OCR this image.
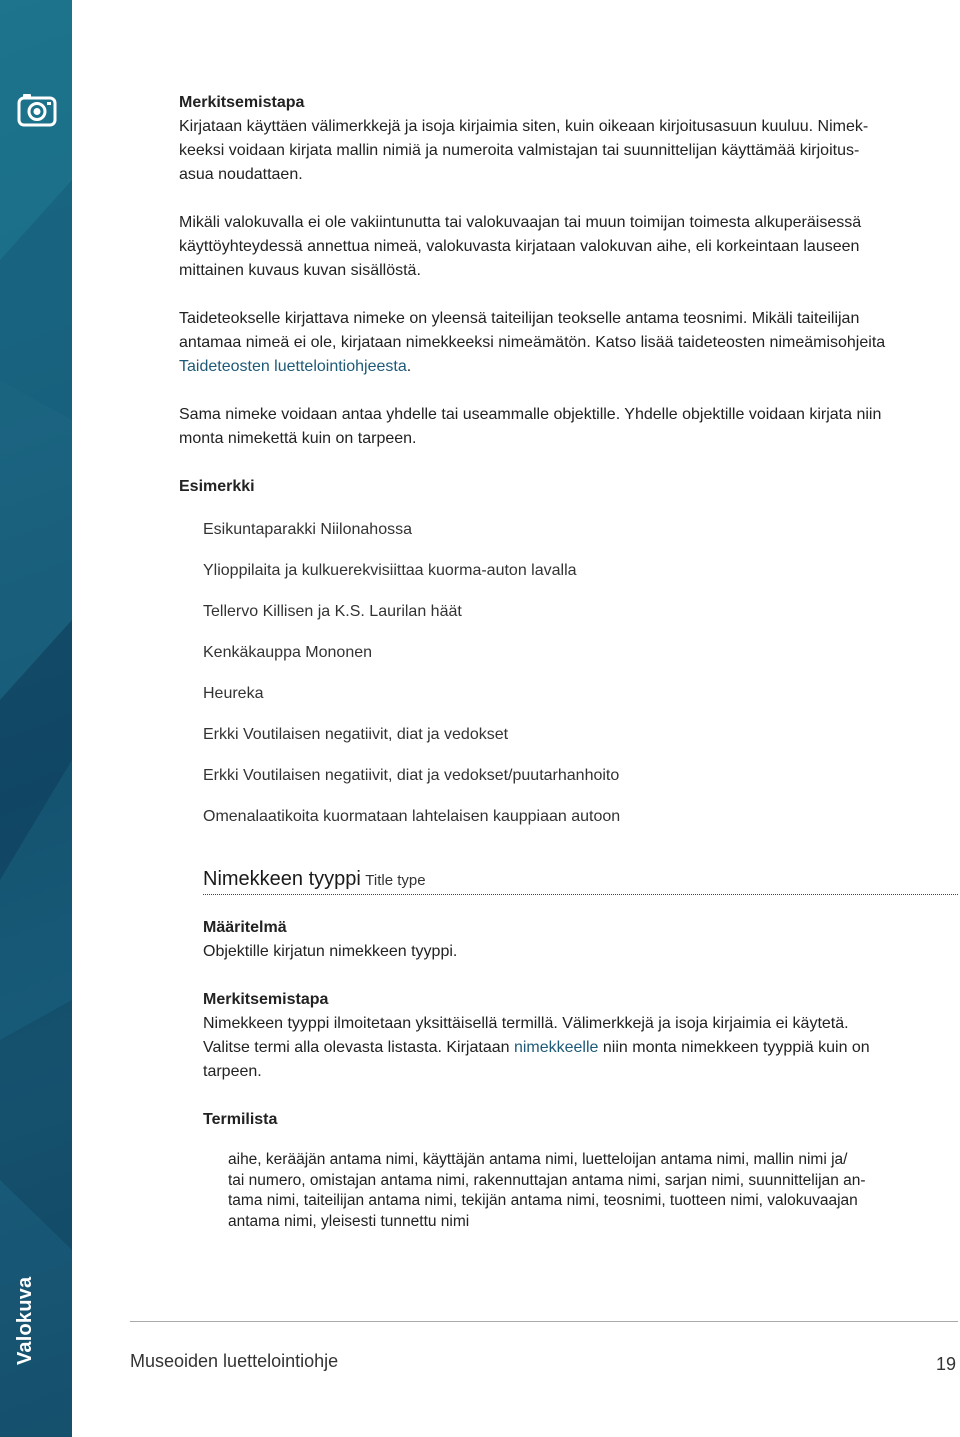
Valokuva
Merkitsemistapa
Kirjataan käyttäen välimerkkejä ja isoja kirjaimia siten, kuin oikeaan kirjoitusasuun kuuluu. Nimek-
keeksi voidaan kirjata mallin nimiä ja numeroita valmistajan tai suunnittelijan käyttämää kirjoitus-
asua noudattaen.
Mikäli valokuvalla ei ole vakiintunutta tai valokuvaajan tai muun toimijan toimesta alkuperäisessä
käyttöyhteydessä annettua nimeä, valokuvasta kirjataan valokuvan aihe, eli korkeintaan lauseen
mittainen kuvaus kuvan sisällöstä.
Taideteokselle kirjattava nimeke on yleensä taiteilijan teokselle antama teosnimi. Mikäli taiteilijan
antamaa nimeä ei ole, kirjataan nimekkeeksi nimeämätön. Katso lisää taideteosten nimeämisohjeita
Taideteosten luettelointiohjeesta.
Sama nimeke voidaan antaa yhdelle tai useammalle objektille. Yhdelle objektille voidaan kirjata niin
monta nimekettä kuin on tarpeen.
Esimerkki
Esikuntaparakki Niilonahossa
Ylioppilaita ja kulkuerekvisiittaa kuorma-auton lavalla
Tellervo Killisen ja K.S. Laurilan häät
Kenkäkauppa Mononen
Heureka
Erkki Voutilaisen negatiivit, diat ja vedokset
Erkki Voutilaisen negatiivit, diat ja vedokset/puutarhanhoito
Omenalaatikoita kuormataan lahtelaisen kauppiaan autoon
Nimekkeen tyyppi Title type
Määritelmä
Objektille kirjatun nimekkeen tyyppi.
Merkitsemistapa
Nimekkeen tyyppi ilmoitetaan yksittäisellä termillä. Välimerkkejä ja isoja kirjaimia ei käytetä.
Valitse termi alla olevasta listasta. Kirjataan nimekkeelle niin monta nimekkeen tyyppiä kuin on
tarpeen.
Termilista
aihe, kerääjän antama nimi, käyttäjän antama nimi, luetteloijan antama nimi, mallin nimi ja/
tai numero, omistajan antama nimi, rakennuttajan antama nimi, sarjan nimi, suunnittelijan an-
tama nimi, taiteilijan antama nimi, tekijän antama nimi, teosnimi, tuotteen nimi, valokuvaajan
antama nimi, yleisesti tunnettu nimi
Museoiden luettelointiohje	19
